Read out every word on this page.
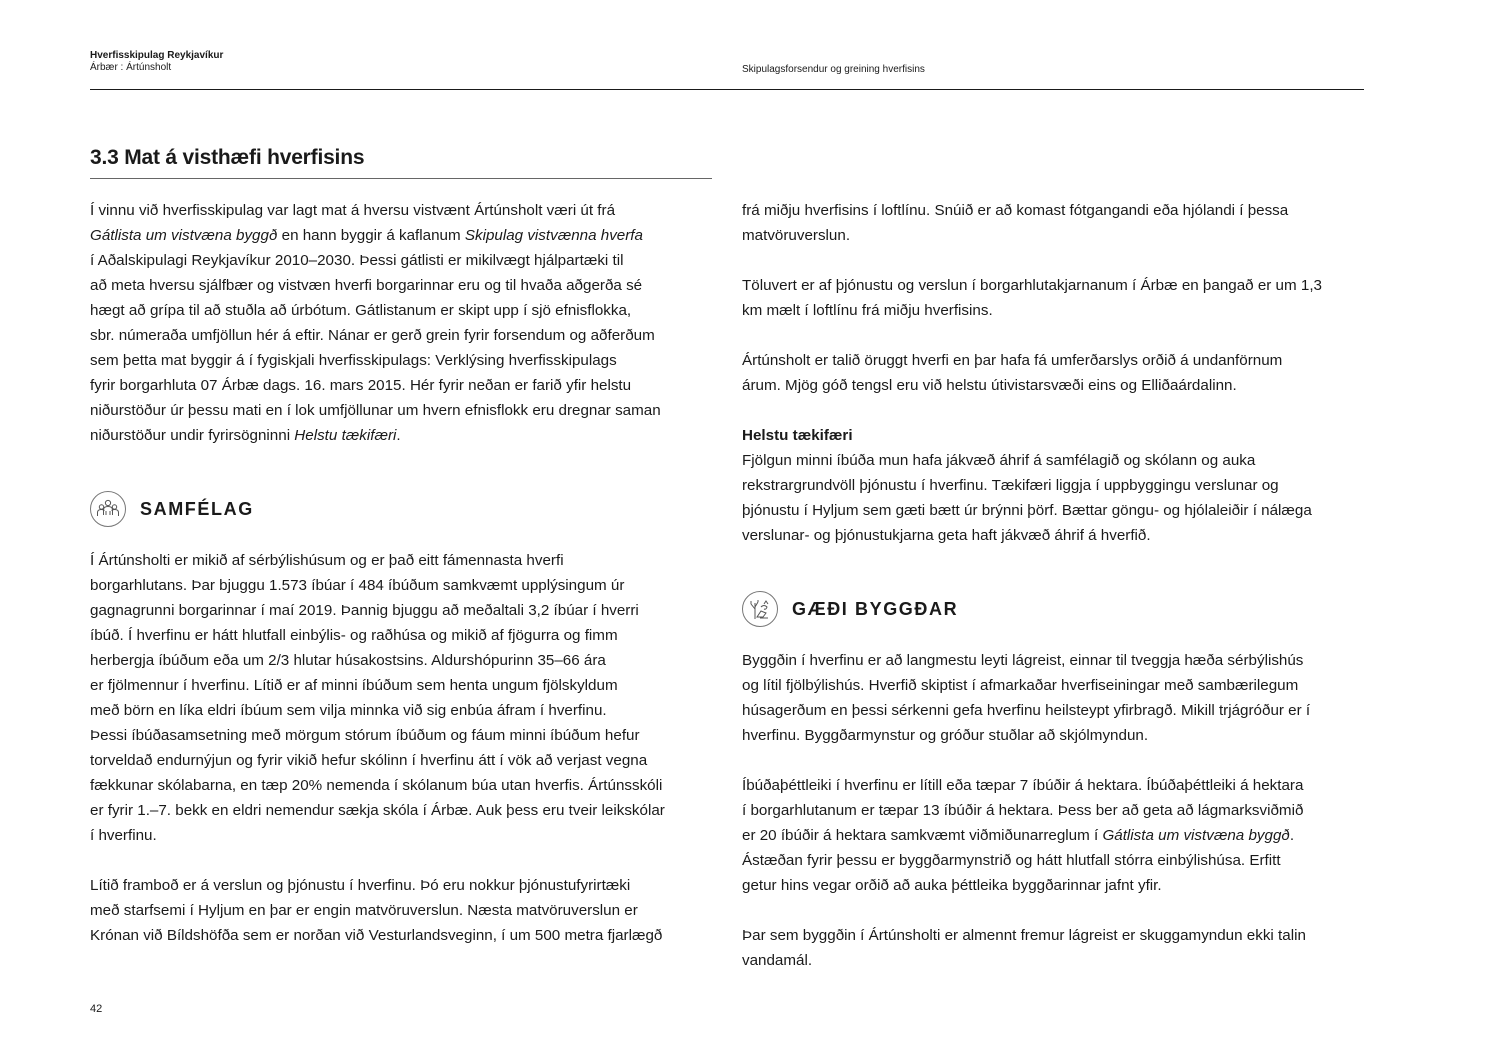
Hverfisskipulag Reykjavíkur
Árbær : Ártúnsholt	Skipulagsforsendur og greining hverfisins
3.3 Mat á visthæfi hverfisins
Í vinnu við hverfisskipulag var lagt mat á hversu vistvænt Ártúnsholt væri út frá
Gátlista um vistvæna byggð en hann byggir á kaflanum Skipulag vistvænna hverfa
í Aðalskipulagi Reykjavíkur 2010–2030. Þessi gátlisti er mikilvægt hjálpartæki til
að meta hversu sjálfbær og vistvæn hverfi borgarinnar eru og til hvaða aðgerða sé
hægt að grípa til að stuðla að úrbótum. Gátlistanum er skipt upp í sjö efnisflokka,
sbr. númeraða umfjöllun hér á eftir. Nánar er gerð grein fyrir forsendum og aðferðum
sem þetta mat byggir á í fygiskjali hverfisskipulags: Verklýsing hverfisskipulags
fyrir borgarhluta 07 Árbæ dags. 16. mars 2015. Hér fyrir neðan er farið yfir helstu
niðurstöður úr þessu mati en í lok umfjöllunar um hvern efnisflokk eru dregnar saman
niðurstöður undir fyrirsögninni Helstu tækifæri.
SAMFÉLAG
Í Ártúnsholti er mikið af sérbýlishúsum og er það eitt fámennasta hverfi
borgarhlutans. Þar bjuggu 1.573 íbúar í 484 íbúðum samkvæmt upplýsingum úr
gagnagrunni borgarinnar í maí 2019. Þannig bjuggu að meðaltali 3,2 íbúar í hverri
íbúð. Í hverfinu er hátt hlutfall einbýlis- og raðhúsa og mikið af fjögurra og fimm
herbergja íbúðum eða um 2/3 hlutar húsakostsins. Aldurshópurinn 35–66 ára
er fjölmennur í hverfinu. Lítið er af minni íbúðum sem henta ungum fjölskyldum
með börn en líka eldri íbúum sem vilja minnka við sig enbúa áfram í hverfinu.
Þessi íbúðasamsetning með mörgum stórum íbúðum og fáum minni íbúðum hefur
torveldað endurnýjun og fyrir vikið hefur skólinn í hverfinu átt í vök að verjast vegna
fækkunar skólabarna, en tæp 20% nemenda í skólanum búa utan hverfis. Ártúnsskóli
er fyrir 1.–7. bekk en eldri nemendur sækja skóla í Árbæ. Auk þess eru tveir leikskólar
í hverfinu.
Lítið framboð er á verslun og þjónustu í hverfinu. Þó eru nokkur þjónustufyrirtæki
með starfsemi í Hyljum en þar er engin matvöruverslun. Næsta matvöruverslun er
Krónan við Bíldshöfða sem er norðan við Vesturlandsveginn, í um 500 metra fjarlægð
frá miðju hverfisins í loftlínu. Snúið er að komast fótgangandi eða hjólandi í þessa
matvöruverslun.
Töluvert er af þjónustu og verslun í borgarhlutakjarnanum í Árbæ en þangað er um 1,3
km mælt í loftlínu frá miðju hverfisins.
Ártúnsholt er talið öruggt hverfi en þar hafa fá umferðarslys orðið á undanförnum
árum. Mjög góð tengsl eru við helstu útivistarsvæði eins og Elliðaárdalinn.
Helstu tækifæri
Fjölgun minni íbúða mun hafa jákvæð áhrif á samfélagið og skólann og auka
rekstrargrundvöll þjónustu í hverfinu. Tækifæri liggja í uppbyggingu verslunar og
þjónustu í Hyljum sem gæti bætt úr brýnni þörf. Bættar göngu- og hjólaleiðir í nálæga
verslunar- og þjónustukjarna geta haft jákvæð áhrif á hverfið.
GÆÐI BYGGÐAR
Byggðin í hverfinu er að langmestu leyti lágreist, einnar til tveggja hæða sérbýlishús
og lítil fjölbýlishús. Hverfið skiptist í afmarkaðar hverfiseiningar með sambærilegum
húsagerðum en þessi sérkenni gefa hverfinu heilsteypt yfirbragð. Mikill trjágróður er í
hverfinu. Byggðarmynstur og gróður stuðlar að skjólmyndun.
Íbúðaþéttleiki í hverfinu er lítill eða tæpar 7 íbúðir á hektara. Íbúðaþéttleiki á hektara
í borgarhlutanum er tæpar 13 íbúðir á hektara. Þess ber að geta að lágmarksviðmið
er 20 íbúðir á hektara samkvæmt viðmiðunarreglum í Gátlista um vistvæna byggð.
Ástæðan fyrir þessu er byggðarmynstrið og hátt hlutfall stórra einbýlishúsa. Erfitt
getur hins vegar orðið að auka þéttleika byggðarinnar jafnt yfir.
Þar sem byggðin í Ártúnsholti er almennt fremur lágreist er skuggamyndun ekki talin
vandamál.
42
